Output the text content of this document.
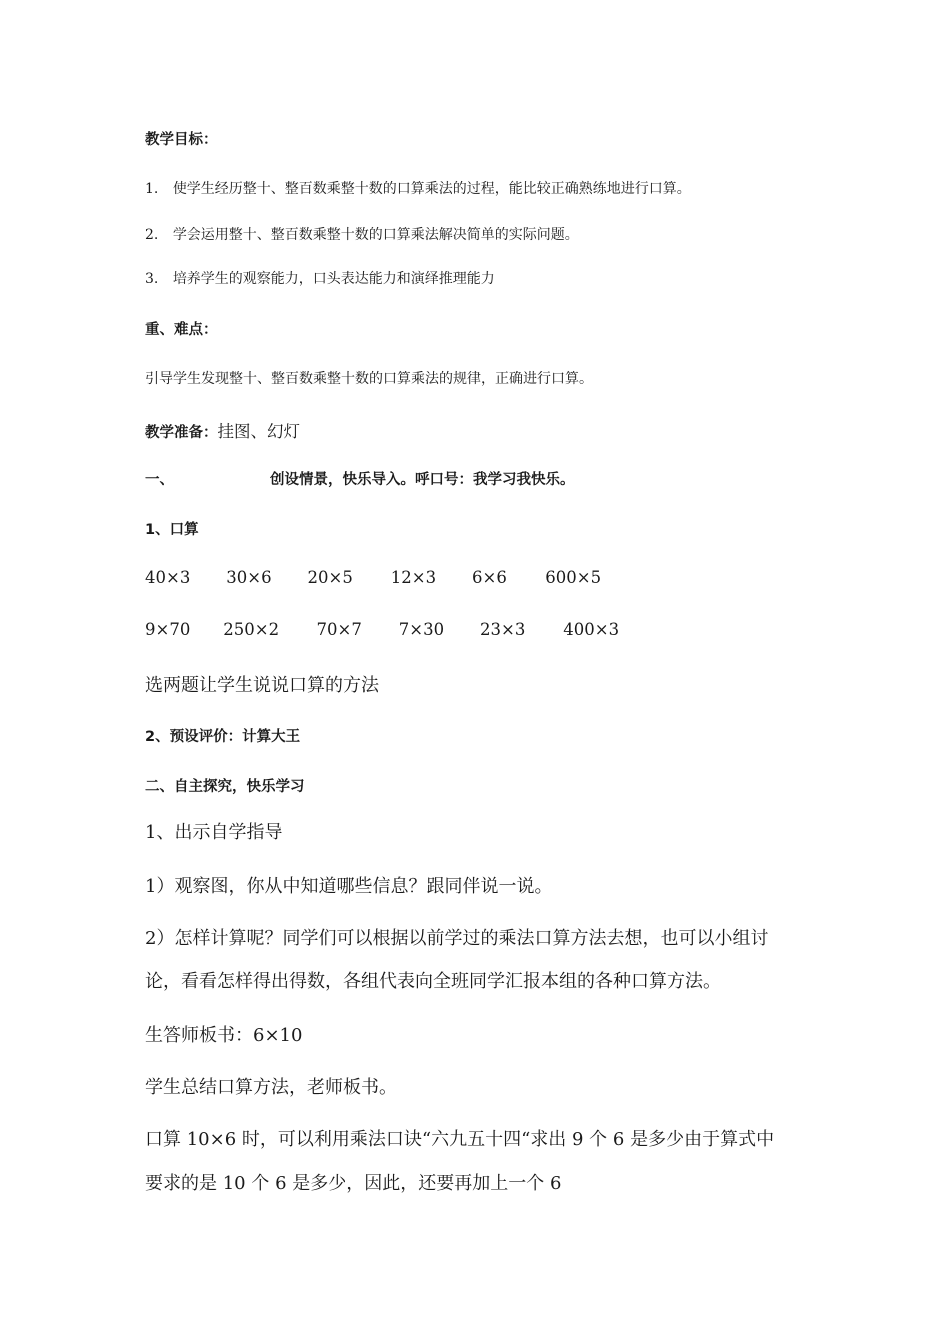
教学目标：
1. 使学生经历整十、整百数乘整十数的口算乘法的过程，能比较正确熟练地进行口算。
2. 学会运用整十、整百数乘整十数的口算乘法解决简单的实际问题。
3. 培养学生的观察能力，口头表达能力和演绎推理能力
重、难点：
引导学生发现整十、整百数乘整十数的口算乘法的规律，正确进行口算。
教学准备：挂图、幻灯
一、	创设情景，快乐导入。呼口号：我学习我快乐。
1、口算
40×3 30×6 20×5 12×3 6×6 600×5
9×70 250×2 70×7 7×30 23×3 400×3
选两题让学生说说口算的方法
2、预设评价：计算大王
二、自主探究，快乐学习
1、出示自学指导
1）观察图，你从中知道哪些信息？跟同伴说一说。
2）怎样计算呢？同学们可以根据以前学过的乘法口算方法去想，也可以小组讨
论，看看怎样得出得数，各组代表向全班同学汇报本组的各种口算方法。
生答师板书：6×10
学生总结口算方法，老师板书。
口算 10×6 时，可以利用乘法口诀“六九五十四“求出 9 个 6 是多少由于算式中
要求的是 10 个 6 是多少，因此，还要再加上一个 6
